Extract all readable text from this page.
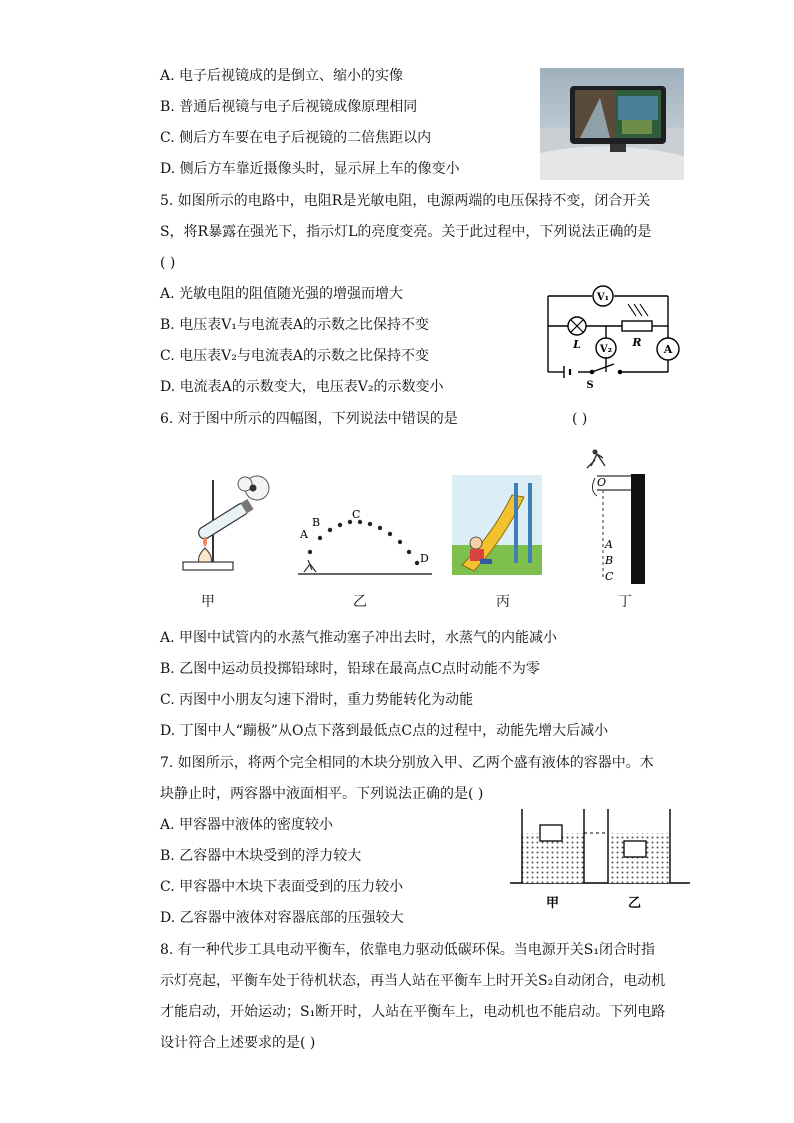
A. 电子后视镜成的是倒立、缩小的实像
B. 普通后视镜与电子后视镜成像原理相同
C. 侧后方车要在电子后视镜的二倍焦距以内
D. 侧后方车靠近摄像头时，显示屏上车的像变小
5. 如图所示的电路中，电阻R是光敏电阻，电源两端的电压保持不变，闭合开关
S，将R暴露在强光下，指示灯L的亮度变亮。关于此过程中，下列说法正确的是
( )
A. 光敏电阻的阻值随光强的增强而增大
B. 电压表V₁与电流表A的示数之比保持不变
C. 电压表V₂与电流表A的示数之比保持不变
D. 电流表A的示数变大，电压表V₂的示数变小
V₁
L	R
V₂	A
S
6. 对于图中所示的四幅图，下列说法中错误的是	( )
A
B
C
D
O
A
B
C
甲	乙	丙	丁
A. 甲图中试管内的水蒸气推动塞子冲出去时，水蒸气的内能减小
B. 乙图中运动员投掷铅球时，铅球在最高点C点时动能不为零
C. 丙图中小朋友匀速下滑时，重力势能转化为动能
D. 丁图中人“蹦极”从O点下落到最低点C点的过程中，动能先增大后减小
7. 如图所示，将两个完全相同的木块分别放入甲、乙两个盛有液体的容器中。木
块静止时，两容器中液面相平。下列说法正确的是( )
A. 甲容器中液体的密度较小
B. 乙容器中木块受到的浮力较大
C. 甲容器中木块下表面受到的压力较小
D. 乙容器中液体对容器底部的压强较大
甲	乙
8. 有一种代步工具电动平衡车，依靠电力驱动低碳环保。当电源开关S₁闭合时指
示灯亮起，平衡车处于待机状态，再当人站在平衡车上时开关S₂自动闭合，电动机
才能启动，开始运动；S₁断开时，人站在平衡车上，电动机也不能启动。下列电路
设计符合上述要求的是( )
